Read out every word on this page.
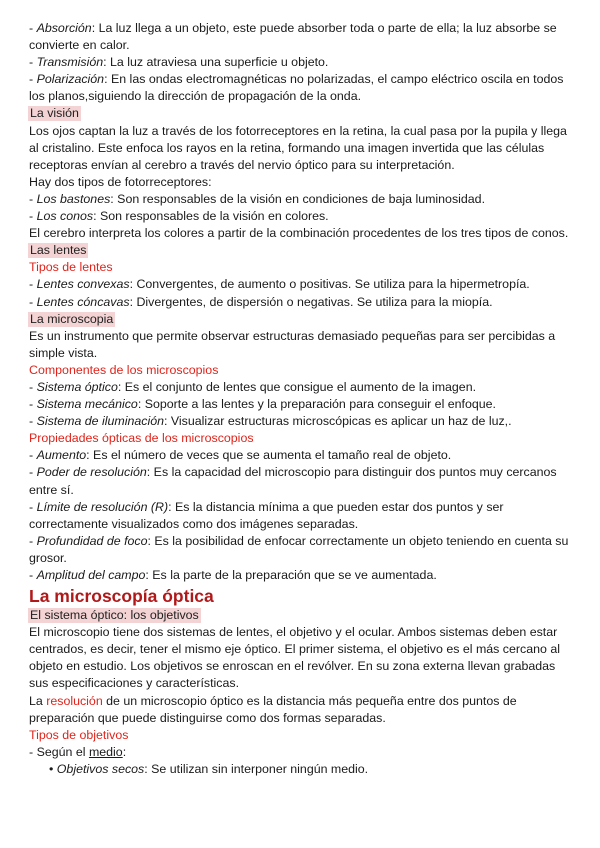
- Absorción: La luz llega a un objeto, este puede absorber toda o parte de ella; la luz absorbe se convierte en calor.

- Transmisión: La luz atraviesa una superficie u objeto.

- Polarización: En las ondas electromagnéticas no polarizadas, el campo eléctrico oscila en todos los planos,siguiendo la dirección de propagación de la onda.

La visión

Los ojos captan la luz a través de los fotorreceptores en la retina, la cual pasa por la pupila y llega al cristalino. Este enfoca los rayos en la retina, formando una imagen invertida que las células receptoras envían al cerebro a través del nervio óptico para su interpretación.

Hay dos tipos de fotorreceptores:

- Los bastones: Son responsables de la visión en condiciones de baja luminosidad.

- Los conos: Son responsables de la visión en colores.

El cerebro interpreta los colores a partir de la combinación procedentes de los tres tipos de conos.

Las lentes

Tipos de lentes

- Lentes convexas: Convergentes, de aumento o positivas. Se utiliza para la hipermetropía.

- Lentes cóncavas: Divergentes, de dispersión o negativas. Se utiliza para la miopía.

La microscopia

Es un instrumento que permite observar estructuras demasiado pequeñas para ser percibidas a simple vista.

Componentes de los microscopios

- Sistema óptico: Es el conjunto de lentes que consigue el aumento de la imagen.

- Sistema mecánico: Soporte a las lentes y la preparación para conseguir el enfoque.

- Sistema de iluminación: Visualizar estructuras microscópicas es aplicar un haz de luz,.

Propiedades ópticas de los microscopios

- Aumento: Es el número de veces que se aumenta el tamaño real de objeto.

- Poder de resolución: Es la capacidad del microscopio para distinguir dos puntos muy cercanos entre sí.

- Límite de resolución (R): Es la distancia mínima a que pueden estar dos puntos y ser correctamente visualizados como dos imágenes separadas.

- Profundidad de foco: Es la posibilidad de enfocar correctamente un objeto teniendo en cuenta su grosor.

- Amplitud del campo: Es la parte de la preparación que se ve aumentada.

La microscopía óptica
El sistema óptico: los objetivos

El microscopio tiene dos sistemas de lentes, el objetivo y el ocular. Ambos sistemas deben estar centrados, es decir, tener el mismo eje óptico. El primer sistema, el objetivo es el más cercano al objeto en estudio. Los objetivos se enroscan en el revólver. En su zona externa llevan grabadas sus especificaciones y características.

La resolución de un microscopio óptico es la distancia más pequeña entre dos puntos de preparación que puede distinguirse como dos formas separadas.

Tipos de objetivos

- Según el medio:

• Objetivos secos: Se utilizan sin interponer ningún medio.
